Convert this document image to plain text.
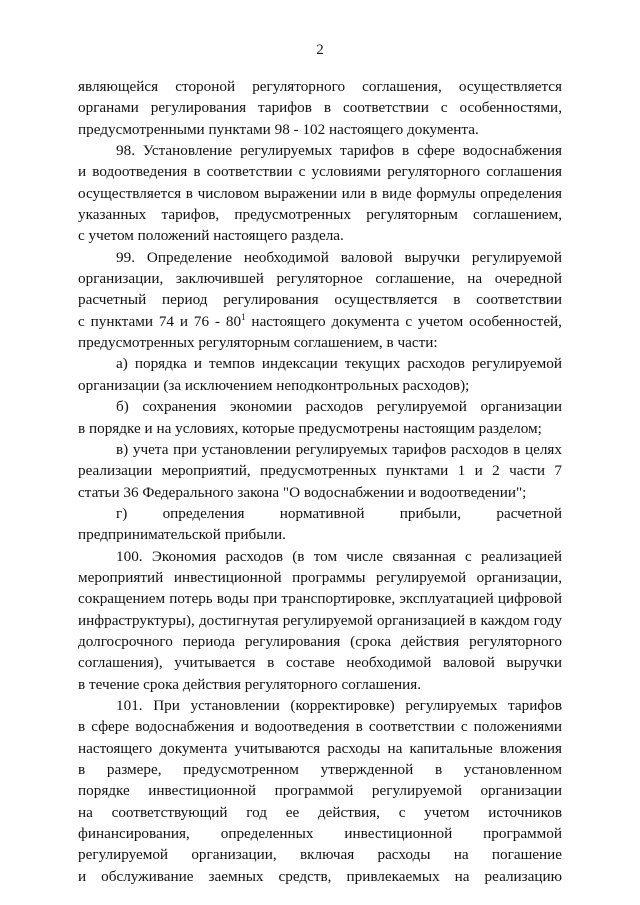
2
являющейся стороной регуляторного соглашения, осуществляется
органами регулирования тарифов в соответствии с особенностями,
предусмотренными пунктами 98 - 102 настоящего документа.
98. Установление регулируемых тарифов в сфере водоснабжения
и водоотведения в соответствии с условиями регуляторного соглашения
осуществляется в числовом выражении или в виде формулы определения
указанных тарифов, предусмотренных регуляторным соглашением,
с учетом положений настоящего раздела.
99. Определение необходимой валовой выручки регулируемой
организации, заключившей регуляторное соглашение, на очередной
расчетный период регулирования осуществляется в соответствии
с пунктами 74 и $76 - 80^1$ настоящего документа с учетом особенностей,
предусмотренных регуляторным соглашением, в части:
а) порядка и темпов индексации текущих расходов регулируемой
организации (за исключением неподконтрольных расходов);
б) сохранения экономии расходов регулируемой организации
в порядке и на условиях, которые предусмотрены настоящим разделом;
в) учета при установлении регулируемых тарифов расходов в целях
реализации мероприятий, предусмотренных пунктами 1 и 2 части 7
статьи 36 Федерального закона "О водоснабжении и водоотведении";
г) определения нормативной прибыли, расчетной
предпринимательской прибыли.
100. Экономия расходов (в том числе связанная с реализацией
мероприятий инвестиционной программы регулируемой организации,
сокращением потерь воды при транспортировке, эксплуатацией цифровой
инфраструктуры), достигнутая регулируемой организацией в каждом году
долгосрочного периода регулирования (срока действия регуляторного
соглашения), учитывается в составе необходимой валовой выручки
в течение срока действия регуляторного соглашения.
101. При установлении (корректировке) регулируемых тарифов
в сфере водоснабжения и водоотведения в соответствии с положениями
настоящего документа учитываются расходы на капитальные вложения
в размере, предусмотренном утвержденной в установленном
порядке инвестиционной программой регулируемой организации
на соответствующий год ее действия, с учетом источников
финансирования, определенных инвестиционной программой
регулируемой организации, включая расходы на погашение
и обслуживание заемных средств, привлекаемых на реализацию
